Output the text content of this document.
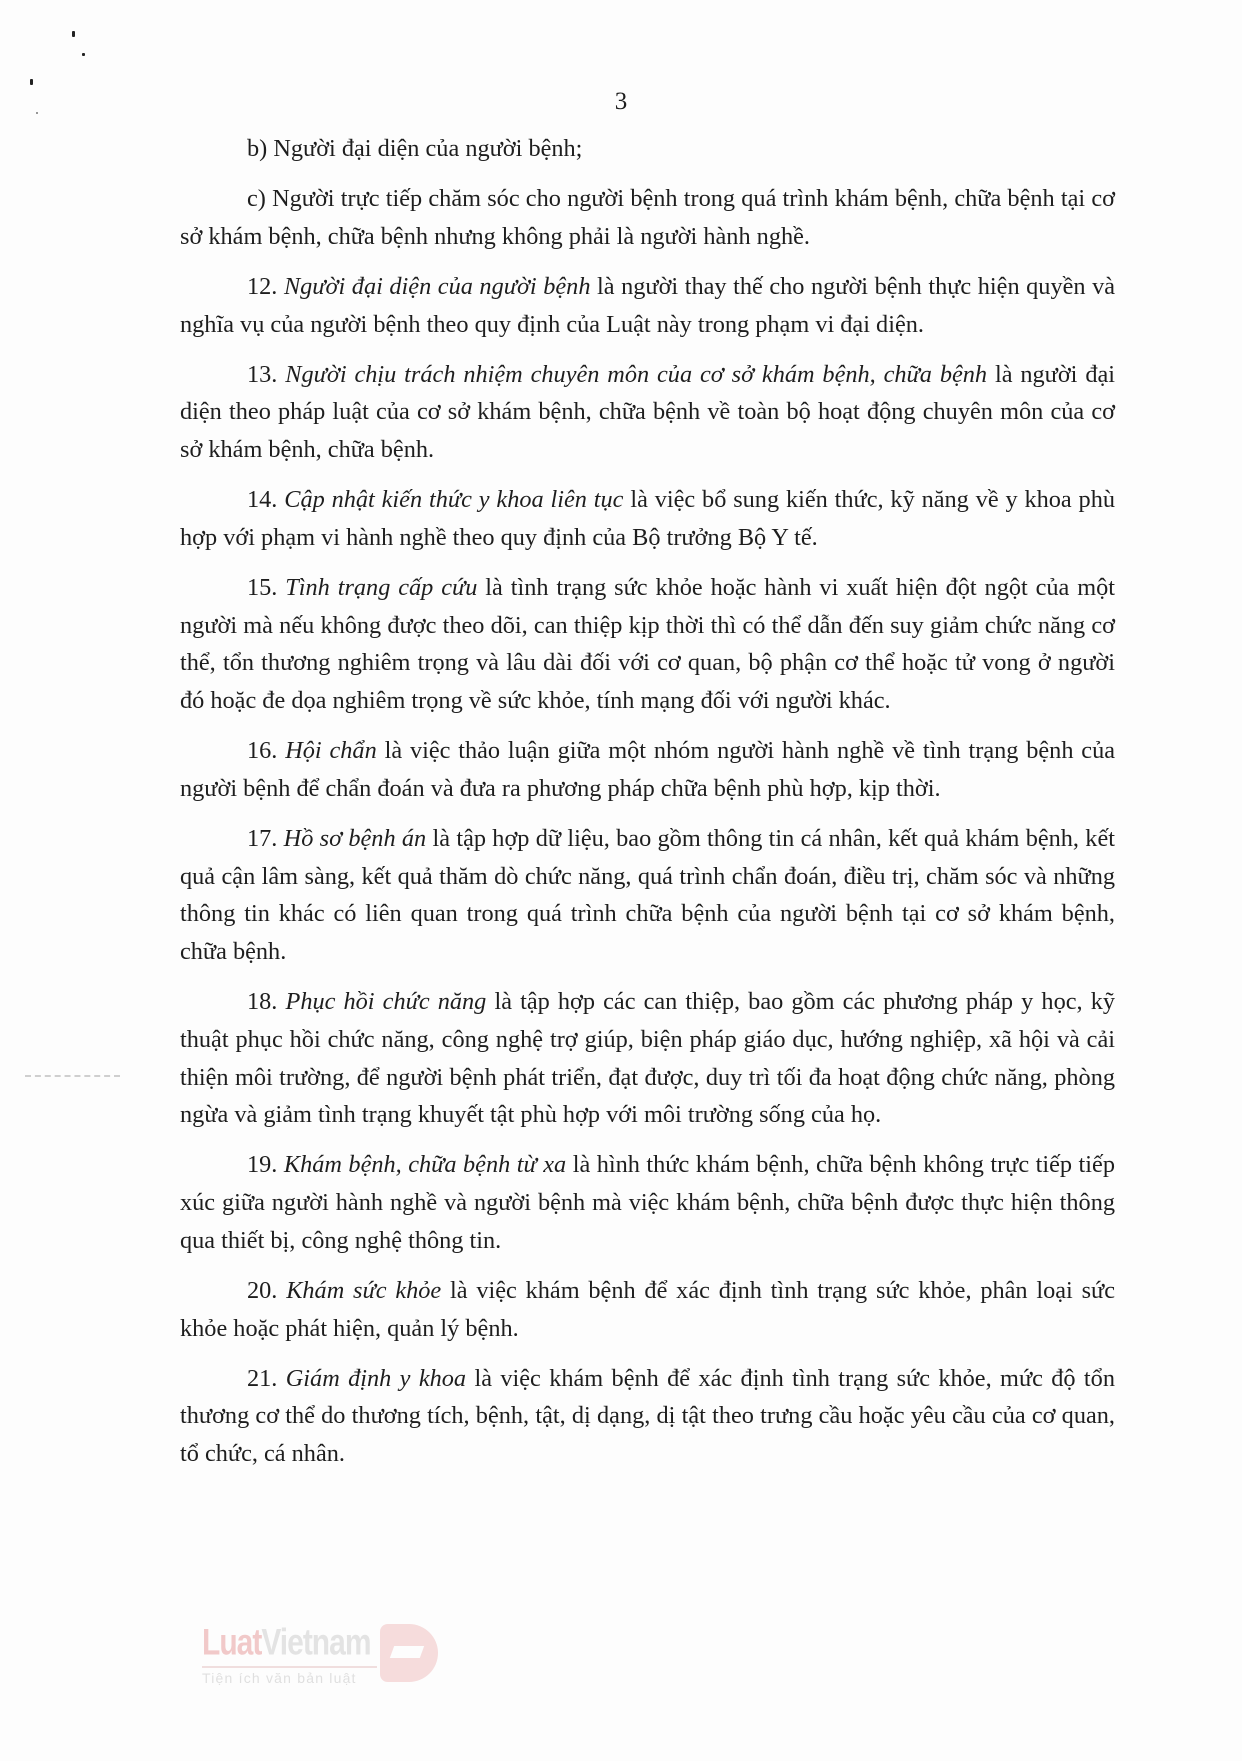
3

b) Người đại diện của người bệnh;

c) Người trực tiếp chăm sóc cho người bệnh trong quá trình khám bệnh, chữa bệnh tại cơ sở khám bệnh, chữa bệnh nhưng không phải là người hành nghề.

12. Người đại diện của người bệnh là người thay thế cho người bệnh thực hiện quyền và nghĩa vụ của người bệnh theo quy định của Luật này trong phạm vi đại diện.

13. Người chịu trách nhiệm chuyên môn của cơ sở khám bệnh, chữa bệnh là người đại diện theo pháp luật của cơ sở khám bệnh, chữa bệnh về toàn bộ hoạt động chuyên môn của cơ sở khám bệnh, chữa bệnh.

14. Cập nhật kiến thức y khoa liên tục là việc bổ sung kiến thức, kỹ năng về y khoa phù hợp với phạm vi hành nghề theo quy định của Bộ trưởng Bộ Y tế.

15. Tình trạng cấp cứu là tình trạng sức khỏe hoặc hành vi xuất hiện đột ngột của một người mà nếu không được theo dõi, can thiệp kịp thời thì có thể dẫn đến suy giảm chức năng cơ thể, tổn thương nghiêm trọng và lâu dài đối với cơ quan, bộ phận cơ thể hoặc tử vong ở người đó hoặc đe dọa nghiêm trọng về sức khỏe, tính mạng đối với người khác.

16. Hội chẩn là việc thảo luận giữa một nhóm người hành nghề về tình trạng bệnh của người bệnh để chẩn đoán và đưa ra phương pháp chữa bệnh phù hợp, kịp thời.

17. Hồ sơ bệnh án là tập hợp dữ liệu, bao gồm thông tin cá nhân, kết quả khám bệnh, kết quả cận lâm sàng, kết quả thăm dò chức năng, quá trình chẩn đoán, điều trị, chăm sóc và những thông tin khác có liên quan trong quá trình chữa bệnh của người bệnh tại cơ sở khám bệnh, chữa bệnh.

18. Phục hồi chức năng là tập hợp các can thiệp, bao gồm các phương pháp y học, kỹ thuật phục hồi chức năng, công nghệ trợ giúp, biện pháp giáo dục, hướng nghiệp, xã hội và cải thiện môi trường, để người bệnh phát triển, đạt được, duy trì tối đa hoạt động chức năng, phòng ngừa và giảm tình trạng khuyết tật phù hợp với môi trường sống của họ.

19. Khám bệnh, chữa bệnh từ xa là hình thức khám bệnh, chữa bệnh không trực tiếp tiếp xúc giữa người hành nghề và người bệnh mà việc khám bệnh, chữa bệnh được thực hiện thông qua thiết bị, công nghệ thông tin.

20. Khám sức khỏe là việc khám bệnh để xác định tình trạng sức khỏe, phân loại sức khỏe hoặc phát hiện, quản lý bệnh.

21. Giám định y khoa là việc khám bệnh để xác định tình trạng sức khỏe, mức độ tổn thương cơ thể do thương tích, bệnh, tật, dị dạng, dị tật theo trưng cầu hoặc yêu cầu của cơ quan, tổ chức, cá nhân.

LuatVietnam
Tiện ích văn bản luật
